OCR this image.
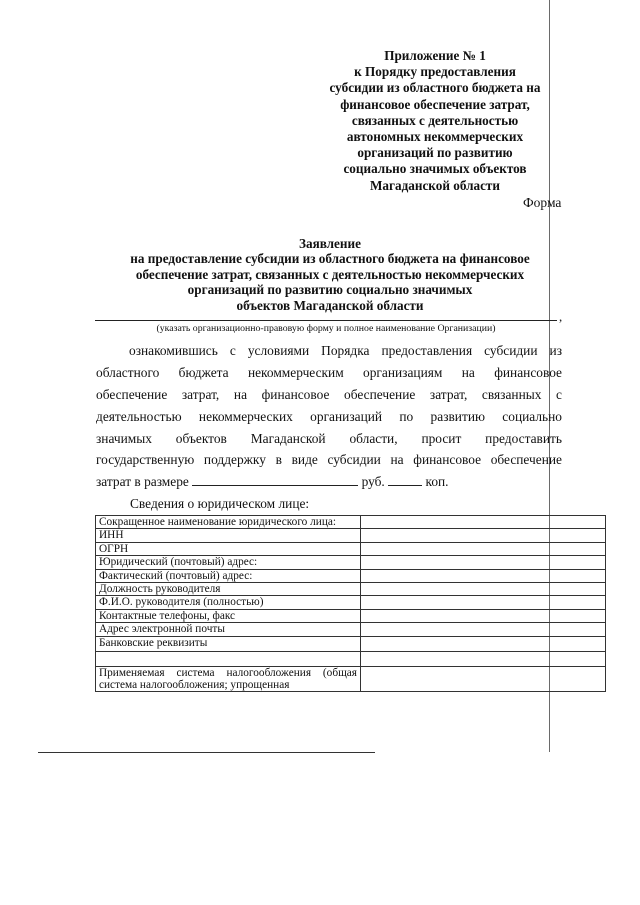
Приложение № 1
к Порядку предоставления
субсидии из областного бюджета на
финансовое обеспечение затрат,
связанных с деятельностью
автономных некоммерческих
организаций по развитию
социально значимых объектов
Магаданской области
Форма
Заявление
на предоставление субсидии из областного бюджета на финансовое
обеспечение затрат, связанных с деятельностью некоммерческих
организаций по развитию социально значимых
объектов Магаданской области
,
(указать организационно-правовую форму и полное наименование Организации)
ознакомившись с условиями Порядка предоставления субсидии из
областного бюджета некоммерческим организациям на финансовое
обеспечение затрат, на финансовое обеспечение затрат, связанных с
деятельностью некоммерческих организаций по развитию социально
значимых объектов Магаданской области, просит предоставить
государственную поддержку в виде субсидии на финансовое обеспечение
затрат в размере	руб.	коп.
Сведения о юридическом лице:
Сокращенное наименование юридического лица:	
ИНН	
ОГРН	
Юридический (почтовый) адрес:	
Фактический (почтовый) адрес:	
Должность руководителя	
Ф.И.О. руководителя (полностью)	
Контактные телефоны, факс	
Адрес электронной почты	
Банковские реквизиты	

Применяемая система налогообложения (общая система налогообложения; упрощенная	
